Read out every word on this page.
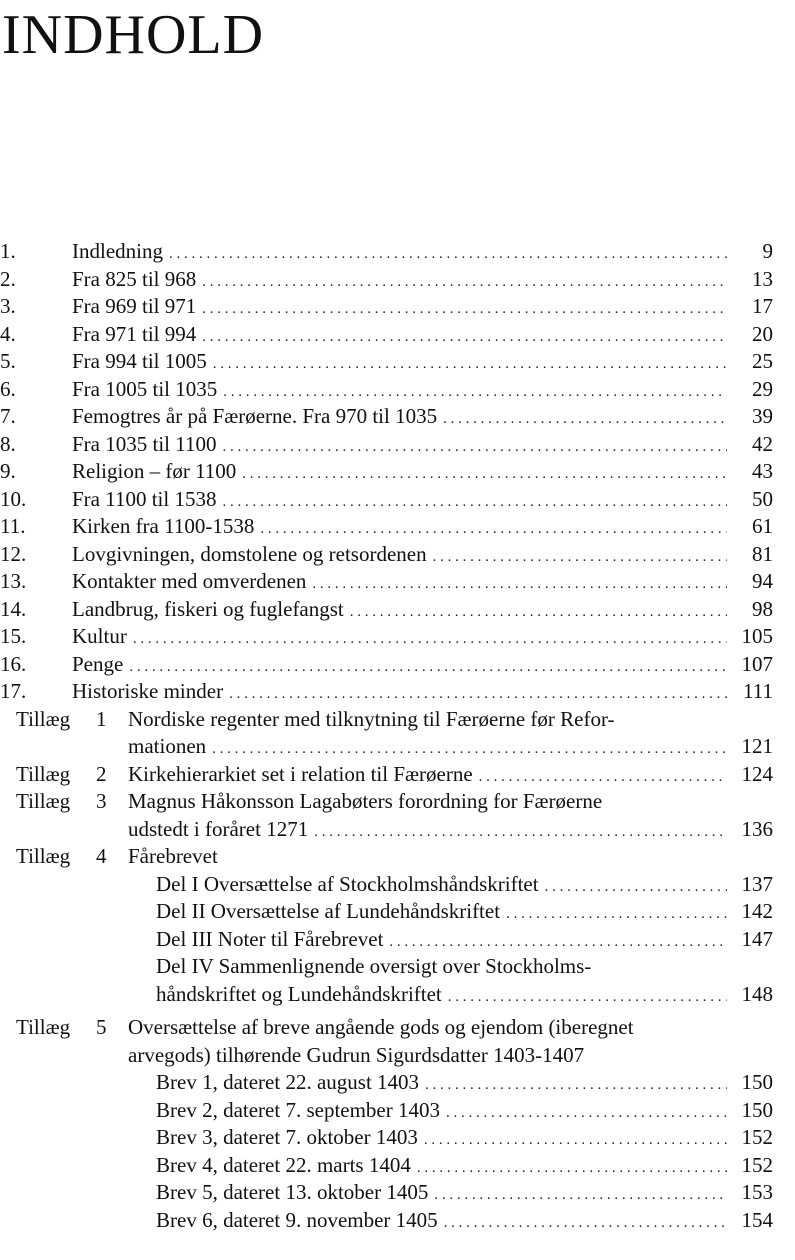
INDHOLD
1.	Indledning . . .	9
2.	Fra 825 til 968 . . .	13
3.	Fra 969 til 971 . . .	17
4.	Fra 971 til 994 . . .	20
5.	Fra 994 til 1005 . . .	25
6.	Fra 1005 til 1035 . . .	29
7.	Femogtres år på Færøerne. Fra 970 til 1035 . . .	39
8.	Fra 1035 til 1100 . . .	42
9.	Religion – før 1100 . . .	43
10.	Fra 1100 til 1538 . . .	50
11.	Kirken fra 1100-1538 . . .	61
12.	Lovgivningen, domstolene og retsordenen . . .	81
13.	Kontakter med omverdenen . . .	94
14.	Landbrug, fiskeri og fuglefangst . . .	98
15.	Kultur . . .	105
16.	Penge . . .	107
17.	Historiske minder . . .	111
Tillæg	1	Nordiske regenter med tilknytning til Færøerne før Refor-
mationen . . .	121
Tillæg	2	Kirkehierarkiet set i relation til Færøerne . . .	124
Tillæg	3	Magnus Håkonsson Lagabøters forordning for Færøerne
udstedt i foråret 1271 . . .	136
Tillæg	4	Fårebrevet
Del I Oversættelse af Stockholmshåndskriftet . . .	137
Del II Oversættelse af Lundehåndskriftet . . .	142
Del III Noter til Fårebrevet . . .	147
Del IV Sammenlignende oversigt over Stockholms-
håndskriftet og Lundehåndskriftet . . .	148
Tillæg	5	Oversættelse af breve angående gods og ejendom (iberegnet
arvegods) tilhørende Gudrun Sigurdsdatter 1403-1407
Brev 1, dateret 22. august 1403 . . .	150
Brev 2, dateret 7. september 1403 . . .	150
Brev 3, dateret 7. oktober 1403 . . .	152
Brev 4, dateret 22. marts 1404 . . .	152
Brev 5, dateret 13. oktober 1405 . . .	153
Brev 6, dateret 9. november 1405 . . .	154
